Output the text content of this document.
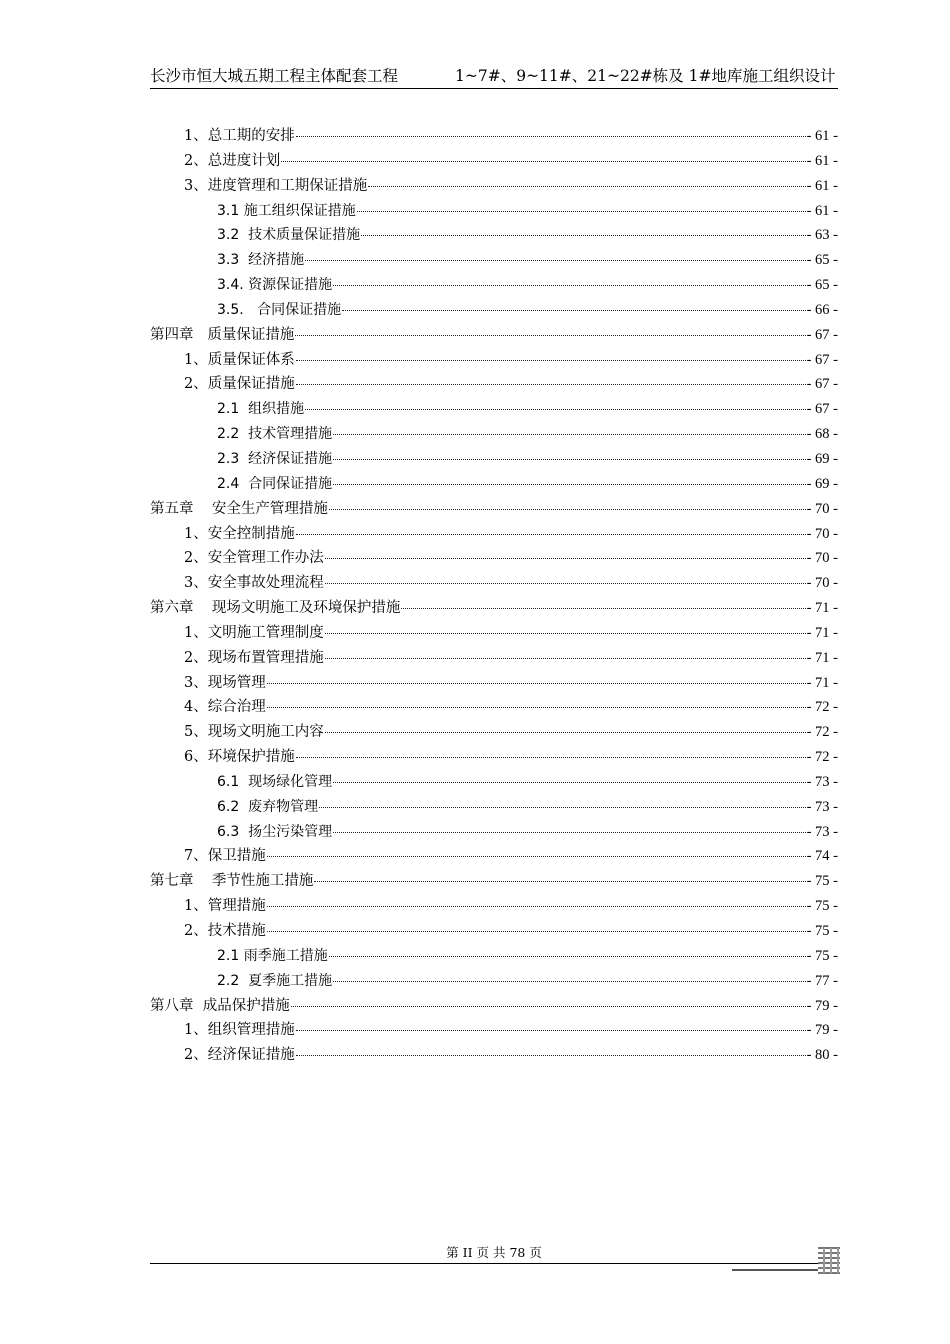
长沙市恒大城五期工程主体配套工程	1~7#、9~11#、21~22#栋及 1#地库施工组织设计
1、总工期的安排	- 61 -
2、总进度计划	- 61 -
3、进度管理和工期保证措施	- 61 -
3.1 施工组织保证措施	- 61 -
3.2  技术质量保证措施	- 63 -
3.3  经济措施	- 65 -
3.4. 资源保证措施	- 65 -
3.5.   合同保证措施	- 66 -
第四章   质量保证措施	- 67 -
1、质量保证体系	- 67 -
2、质量保证措施	- 67 -
2.1  组织措施	- 67 -
2.2  技术管理措施	- 68 -
2.3  经济保证措施	- 69 -
2.4  合同保证措施	- 69 -
第五章    安全生产管理措施	- 70 -
1、安全控制措施	- 70 -
2、安全管理工作办法	- 70 -
3、安全事故处理流程	- 70 -
第六章    现场文明施工及环境保护措施	- 71 -
1、文明施工管理制度	- 71 -
2、现场布置管理措施	- 71 -
3、现场管理	- 71 -
4、综合治理	- 72 -
5、现场文明施工内容	- 72 -
6、环境保护措施	- 72 -
6.1  现场绿化管理	- 73 -
6.2  废弃物管理	- 73 -
6.3  扬尘污染管理	- 73 -
7、保卫措施	- 74 -
第七章    季节性施工措施	- 75 -
1、管理措施	- 75 -
2、技术措施	- 75 -
2.1 雨季施工措施	- 75 -
2.2  夏季施工措施	- 77 -
第八章  成品保护措施	- 79 -
1、组织管理措施	- 79 -
2、经济保证措施	- 80 -
第 II 页 共 78 页
